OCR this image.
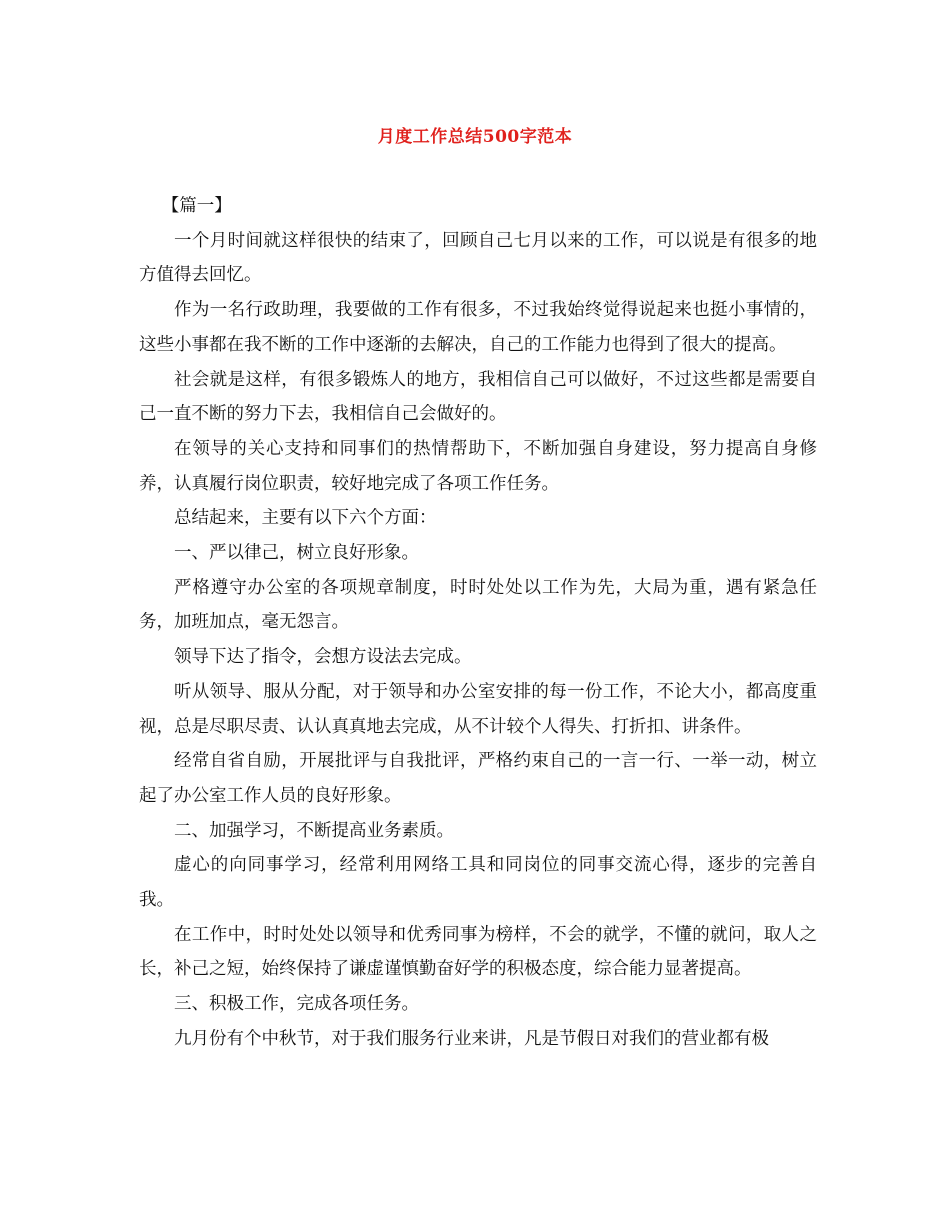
月度工作总结500字范本

【篇一】

一个月时间就这样很快的结束了，回顾自己七月以来的工作，可以说是有很多的地方值得去回忆。

作为一名行政助理，我要做的工作有很多，不过我始终觉得说起来也挺小事情的，这些小事都在我不断的工作中逐渐的去解决，自己的工作能力也得到了很大的提高。

社会就是这样，有很多锻炼人的地方，我相信自己可以做好，不过这些都是需要自己一直不断的努力下去，我相信自己会做好的。

在领导的关心支持和同事们的热情帮助下，不断加强自身建设，努力提高自身修养，认真履行岗位职责，较好地完成了各项工作任务。

总结起来，主要有以下六个方面：

一、严以律己，树立良好形象。

严格遵守办公室的各项规章制度，时时处处以工作为先，大局为重，遇有紧急任务，加班加点，毫无怨言。

领导下达了指令，会想方设法去完成。

听从领导、服从分配，对于领导和办公室安排的每一份工作，不论大小，都高度重视，总是尽职尽责、认认真真地去完成，从不计较个人得失、打折扣、讲条件。

经常自省自励，开展批评与自我批评，严格约束自己的一言一行、一举一动，树立起了办公室工作人员的良好形象。

二、加强学习，不断提高业务素质。

虚心的向同事学习，经常利用网络工具和同岗位的同事交流心得，逐步的完善自我。

在工作中，时时处处以领导和优秀同事为榜样，不会的就学，不懂的就问，取人之长，补己之短，始终保持了谦虚谨慎勤奋好学的积极态度，综合能力显著提高。

三、积极工作，完成各项任务。

九月份有个中秋节，对于我们服务行业来讲，凡是节假日对我们的营业都有极
